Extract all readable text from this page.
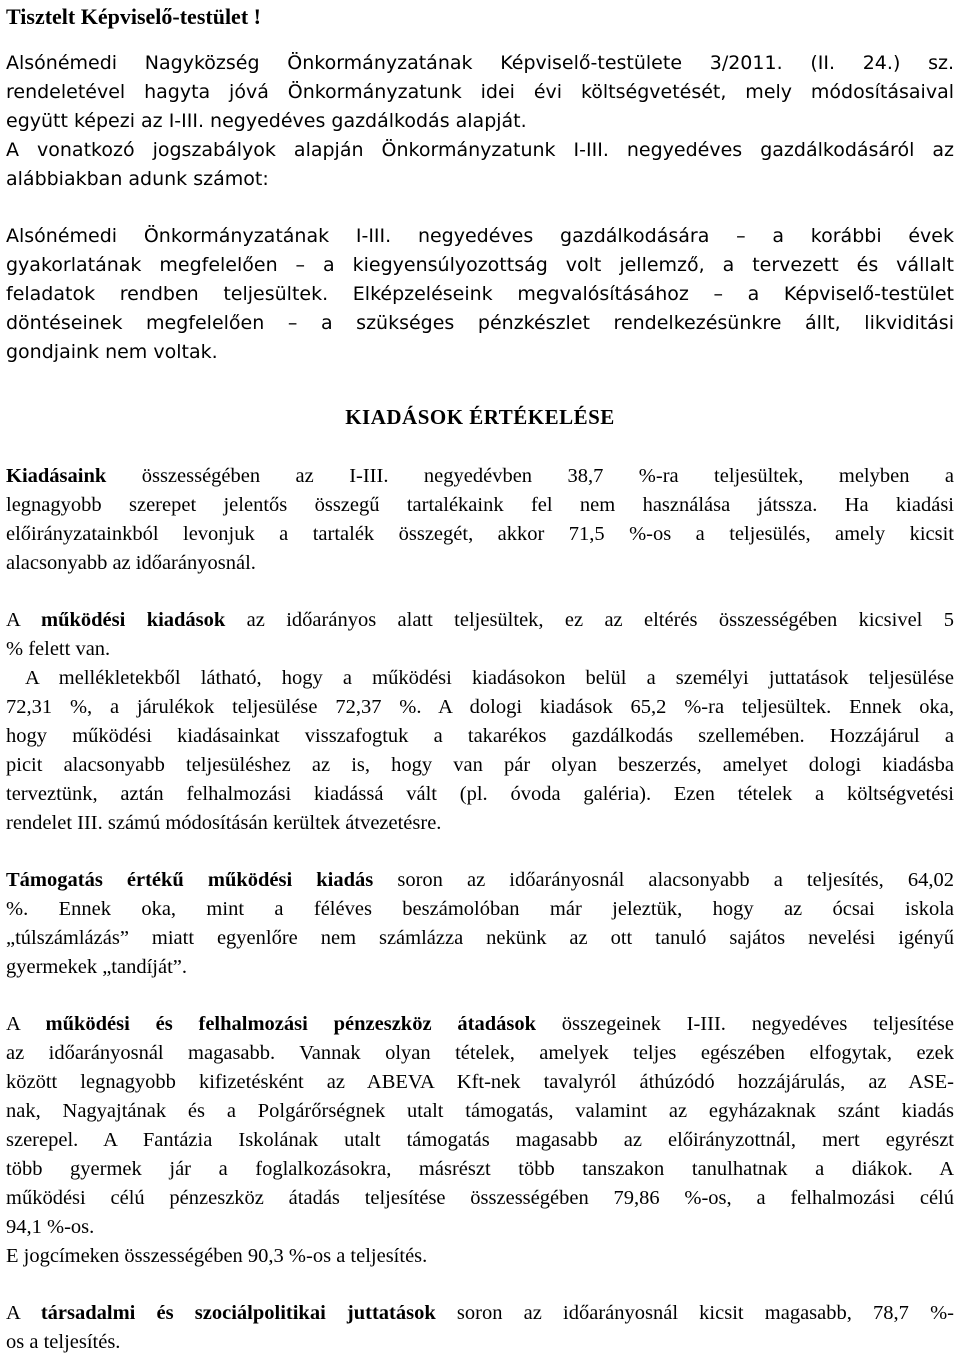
Tisztelt Képviselő-testület !
Alsónémedi Nagyközség Önkormányzatának Képviselő-testülete 3/2011. (II. 24.) sz.
rendeletével hagyta jóvá Önkormányzatunk idei évi költségvetését, mely módosításaival
együtt képezi az I-III. negyedéves gazdálkodás alapját.
A vonatkozó jogszabályok alapján Önkormányzatunk I-III. negyedéves gazdálkodásáról az
alábbiakban adunk számot:
Alsónémedi Önkormányzatának I-III. negyedéves gazdálkodására – a korábbi évek
gyakorlatának megfelelően – a kiegyensúlyozottság volt jellemző, a tervezett és vállalt
feladatok rendben teljesültek. Elképzeléseink megvalósításához – a Képviselő-testület
döntéseinek megfelelően – a szükséges pénzkészlet rendelkezésünkre állt, likviditási
gondjaink nem voltak.
KIADÁSOK ÉRTÉKELÉSE
Kiadásaink összességében az I-III. negyedévben 38,7 %-ra teljesültek, melyben a
legnagyobb szerepet jelentős összegű tartalékaink fel nem használása játssza. Ha kiadási
előirányzatainkból levonjuk a tartalék összegét, akkor 71,5 %-os a teljesülés, amely kicsit
alacsonyabb az időarányosnál.
A működési kiadások az időarányos alatt teljesültek, ez az eltérés összességében kicsivel 5
% felett van.
A mellékletekből látható, hogy a működési kiadásokon belül a személyi juttatások teljesülése
72,31 %, a járulékok teljesülése 72,37 %. A dologi kiadások 65,2 %-ra teljesültek. Ennek oka,
hogy működési kiadásainkat visszafogtuk a takarékos gazdálkodás szellemében. Hozzájárul a
picit alacsonyabb teljesüléshez az is, hogy van pár olyan beszerzés, amelyet dologi kiadásba
terveztünk, aztán felhalmozási kiadássá vált (pl. óvoda galéria). Ezen tételek a költségvetési
rendelet III. számú módosításán kerültek átvezetésre.
Támogatás értékű működési kiadás soron az időarányosnál alacsonyabb a teljesítés, 64,02
%. Ennek oka, mint a féléves beszámolóban már jeleztük, hogy az ócsai iskola
„túlszámlázás” miatt egyenlőre nem számlázza nekünk az ott tanuló sajátos nevelési igényű
gyermekek „tandíját”.
A működési és felhalmozási pénzeszköz átadások összegeinek I-III. negyedéves teljesítése
az időarányosnál magasabb. Vannak olyan tételek, amelyek teljes egészében elfogytak, ezek
között legnagyobb kifizetésként az ABEVA Kft-nek tavalyról áthúzódó hozzájárulás, az ASE-
nak, Nagyajtának és a Polgárőrségnek utalt támogatás, valamint az egyházaknak szánt kiadás
szerepel. A Fantázia Iskolának utalt támogatás magasabb az előirányzottnál, mert egyrészt
több gyermek jár a foglalkozásokra, másrészt több tanszakon tanulhatnak a diákok. A
működési célú pénzeszköz átadás teljesítése összességében 79,86 %-os, a felhalmozási célú
94,1 %-os.
E jogcímeken összességében 90,3 %-os a teljesítés.
A társadalmi és szociálpolitikai juttatások soron az időarányosnál kicsit magasabb, 78,7 %-
os a teljesítés.
